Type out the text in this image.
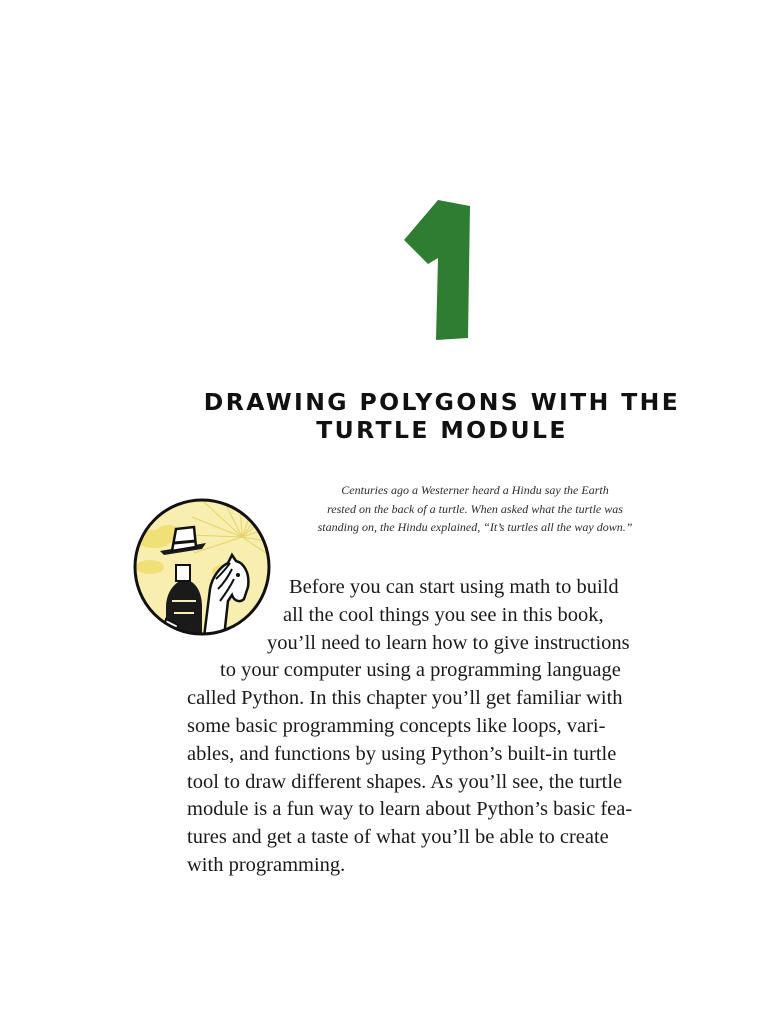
DRAWING POLYGONS WITH THE TURTLE MODULE

Centuries ago a Westerner heard a Hindu say the Earth
rested on the back of a turtle. When asked what the turtle was
standing on, the Hindu explained, “It’s turtles all the way down.”

Before you can start using math to build
all the cool things you see in this book,
you’ll need to learn how to give instructions
to your computer using a programming language
called Python. In this chapter you’ll get familiar with
some basic programming concepts like loops, vari-
ables, and functions by using Python’s built-in turtle
tool to draw different shapes. As you’ll see, the turtle
module is a fun way to learn about Python’s basic fea-
tures and get a taste of what you’ll be able to create
with programming.
